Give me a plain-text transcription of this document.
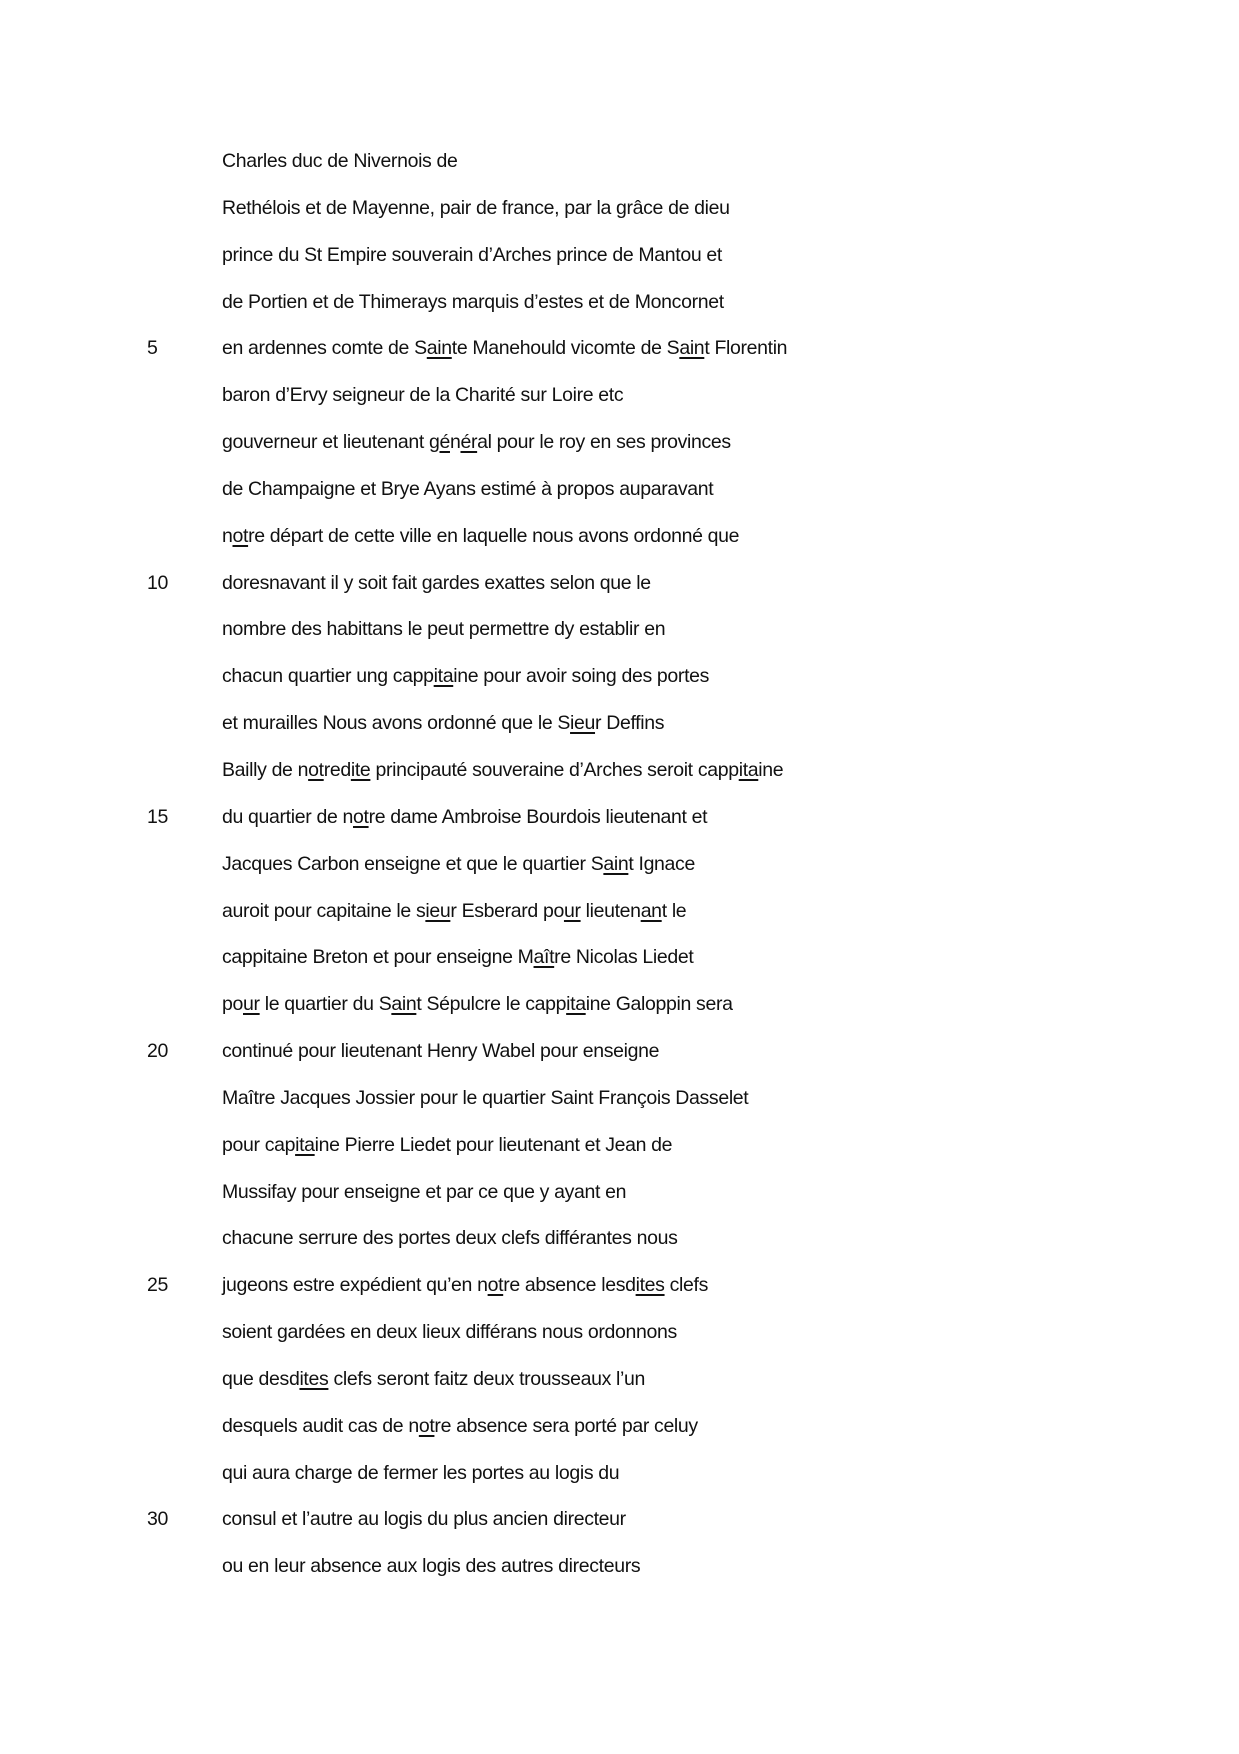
Charles duc de Nivernois de
Rethélois et de Mayenne, pair de france, par la grâce de dieu
prince du St Empire souverain d’Arches prince de Mantou et
de Portien et de Thimerays marquis d’estes et de Moncornet
5	en ardennes comte de Sainte Manehould vicomte de Saint Florentin
baron d’Ervy seigneur de la Charité sur Loire etc
gouverneur et lieutenant général pour le roy en ses provinces
de Champaigne et Brye Ayans estimé à propos auparavant
notre départ de cette ville en laquelle nous avons ordonné que
10	doresnavant il y soit fait gardes exattes selon que le
nombre des habittans le peut permettre dy establir en
chacun quartier ung cappitaine pour avoir soing des portes
et murailles Nous avons ordonné que le Sieur Deffins
Bailly de notredite principauté souveraine d’Arches seroit cappitaine
15	du quartier de notre dame Ambroise Bourdois lieutenant et
Jacques Carbon enseigne et que le quartier Saint Ignace
auroit pour capitaine le sieur Esberard pour lieutenant le
cappitaine Breton et pour enseigne Maître Nicolas Liedet
pour le quartier du Saint Sépulcre le cappitaine Galoppin sera
20	continué pour lieutenant Henry Wabel pour enseigne
Maître Jacques Jossier pour le quartier Saint François Dasselet
pour capitaine Pierre Liedet pour lieutenant et Jean de
Mussifay pour enseigne et par ce que y ayant en
chacune serrure des portes deux clefs différantes nous
25	jugeons estre expédient qu’en notre absence lesdites clefs
soient gardées en deux lieux différans nous ordonnons
que desdites clefs seront faitz deux trousseaux l’un
desquels audit cas de notre absence sera porté par celuy
qui aura charge de fermer les portes au logis du
30	consul et l’autre au logis du plus ancien directeur
ou en leur absence aux logis des autres directeurs
